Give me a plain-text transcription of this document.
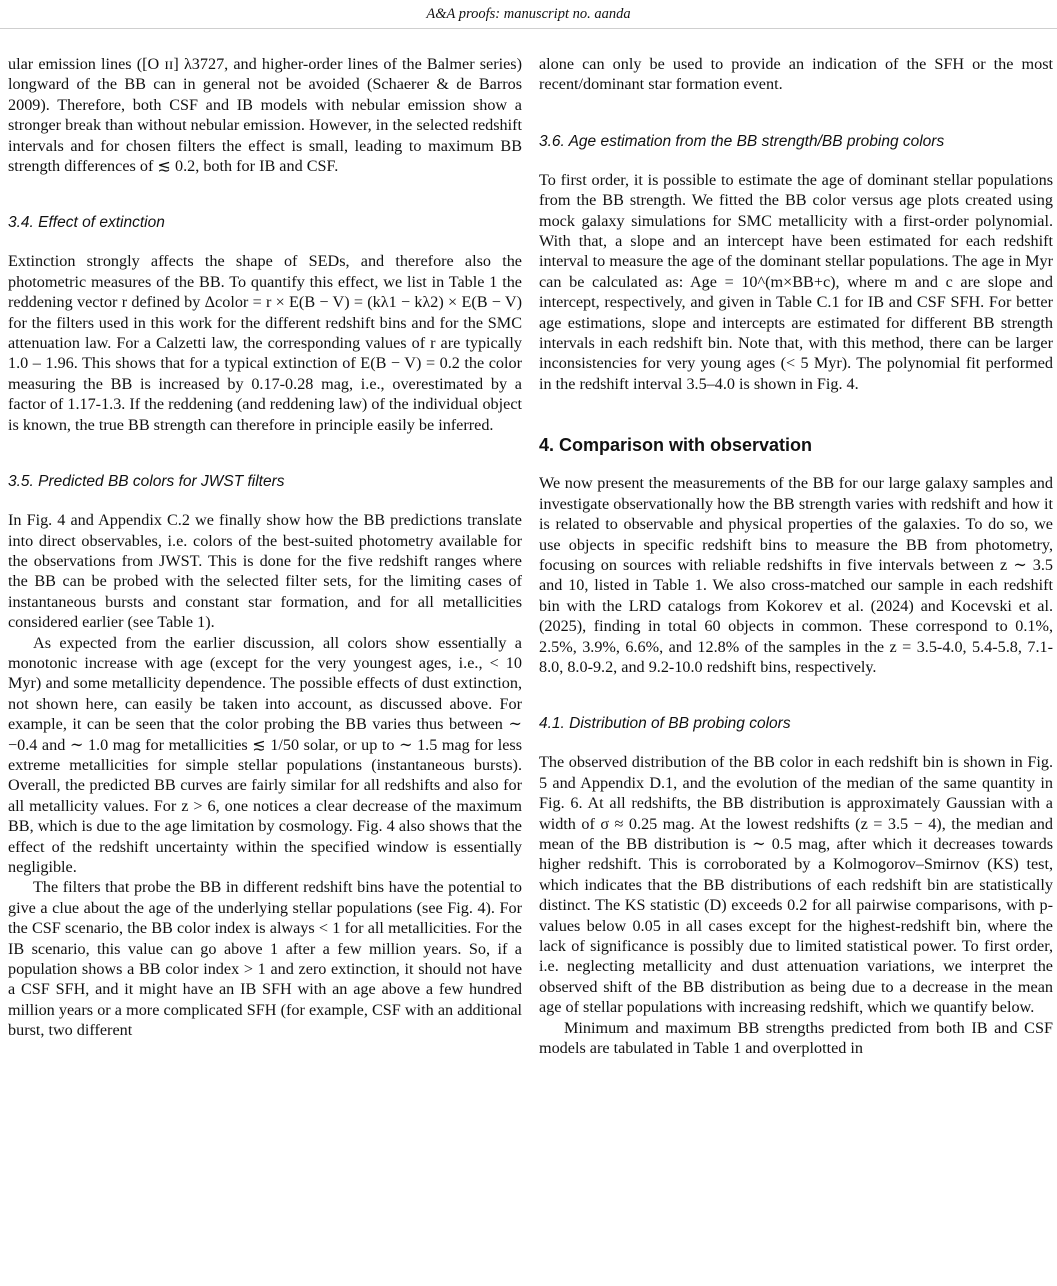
A&A proofs: manuscript no. aanda

ular emission lines ([O ɪɪ] λ3727, and higher-order lines of the Balmer series) longward of the BB can in general not be avoided (Schaerer & de Barros 2009). Therefore, both CSF and IB models with nebular emission show a stronger break than without nebular emission. However, in the selected redshift intervals and for chosen filters the effect is small, leading to maximum BB strength differences of ≲ 0.2, both for IB and CSF.

3.4. Effect of extinction

Extinction strongly affects the shape of SEDs, and therefore also the photometric measures of the BB. To quantify this effect, we list in Table 1 the reddening vector r defined by Δcolor = r × E(B − V) = (kλ1 − kλ2) × E(B − V) for the filters used in this work for the different redshift bins and for the SMC attenuation law. For a Calzetti law, the corresponding values of r are typically 1.0 – 1.96. This shows that for a typical extinction of E(B − V) = 0.2 the color measuring the BB is increased by 0.17-0.28 mag, i.e., overestimated by a factor of 1.17-1.3. If the reddening (and reddening law) of the individual object is known, the true BB strength can therefore in principle easily be inferred.

3.5. Predicted BB colors for JWST filters

In Fig. 4 and Appendix C.2 we finally show how the BB predictions translate into direct observables, i.e. colors of the best-suited photometry available for the observations from JWST. This is done for the five redshift ranges where the BB can be probed with the selected filter sets, for the limiting cases of instantaneous bursts and constant star formation, and for all metallicities considered earlier (see Table 1).

As expected from the earlier discussion, all colors show essentially a monotonic increase with age (except for the very youngest ages, i.e., < 10 Myr) and some metallicity dependence. The possible effects of dust extinction, not shown here, can easily be taken into account, as discussed above. For example, it can be seen that the color probing the BB varies thus between ∼ −0.4 and ∼ 1.0 mag for metallicities ≲ 1/50 solar, or up to ∼ 1.5 mag for less extreme metallicities for simple stellar populations (instantaneous bursts). Overall, the predicted BB curves are fairly similar for all redshifts and also for all metallicity values. For z > 6, one notices a clear decrease of the maximum BB, which is due to the age limitation by cosmology. Fig. 4 also shows that the effect of the redshift uncertainty within the specified window is essentially negligible.

The filters that probe the BB in different redshift bins have the potential to give a clue about the age of the underlying stellar populations (see Fig. 4). For the CSF scenario, the BB color index is always < 1 for all metallicities. For the IB scenario, this value can go above 1 after a few million years. So, if a population shows a BB color index > 1 and zero extinction, it should not have a CSF SFH, and it might have an IB SFH with an age above a few hundred million years or a more complicated SFH (for example, CSF with an additional burst, two different

alone can only be used to provide an indication of the SFH or the most recent/dominant star formation event.

3.6. Age estimation from the BB strength/BB probing colors

To first order, it is possible to estimate the age of dominant stellar populations from the BB strength. We fitted the BB color versus age plots created using mock galaxy simulations for SMC metallicity with a first-order polynomial. With that, a slope and an intercept have been estimated for each redshift interval to measure the age of the dominant stellar populations. The age in Myr can be calculated as: Age = 10^(m×BB+c), where m and c are slope and intercept, respectively, and given in Table C.1 for IB and CSF SFH. For better age estimations, slope and intercepts are estimated for different BB strength intervals in each redshift bin. Note that, with this method, there can be larger inconsistencies for very young ages (< 5 Myr). The polynomial fit performed in the redshift interval 3.5–4.0 is shown in Fig. 4.

4. Comparison with observation

We now present the measurements of the BB for our large galaxy samples and investigate observationally how the BB strength varies with redshift and how it is related to observable and physical properties of the galaxies. To do so, we use objects in specific redshift bins to measure the BB from photometry, focusing on sources with reliable redshifts in five intervals between z ∼ 3.5 and 10, listed in Table 1. We also cross-matched our sample in each redshift bin with the LRD catalogs from Kokorev et al. (2024) and Kocevski et al. (2025), finding in total 60 objects in common. These correspond to 0.1%, 2.5%, 3.9%, 6.6%, and 12.8% of the samples in the z = 3.5-4.0, 5.4-5.8, 7.1-8.0, 8.0-9.2, and 9.2-10.0 redshift bins, respectively.

4.1. Distribution of BB probing colors

The observed distribution of the BB color in each redshift bin is shown in Fig. 5 and Appendix D.1, and the evolution of the median of the same quantity in Fig. 6. At all redshifts, the BB distribution is approximately Gaussian with a width of σ ≈ 0.25 mag. At the lowest redshifts (z = 3.5 − 4), the median and mean of the BB distribution is ∼ 0.5 mag, after which it decreases towards higher redshift. This is corroborated by a Kolmogorov–Smirnov (KS) test, which indicates that the BB distributions of each redshift bin are statistically distinct. The KS statistic (D) exceeds 0.2 for all pairwise comparisons, with p-values below 0.05 in all cases except for the highest-redshift bin, where the lack of significance is possibly due to limited statistical power. To first order, i.e. neglecting metallicity and dust attenuation variations, we interpret the observed shift of the BB distribution as being due to a decrease in the mean age of stellar populations with increasing redshift, which we quantify below.

Minimum and maximum BB strengths predicted from both IB and CSF models are tabulated in Table 1 and overplotted in
